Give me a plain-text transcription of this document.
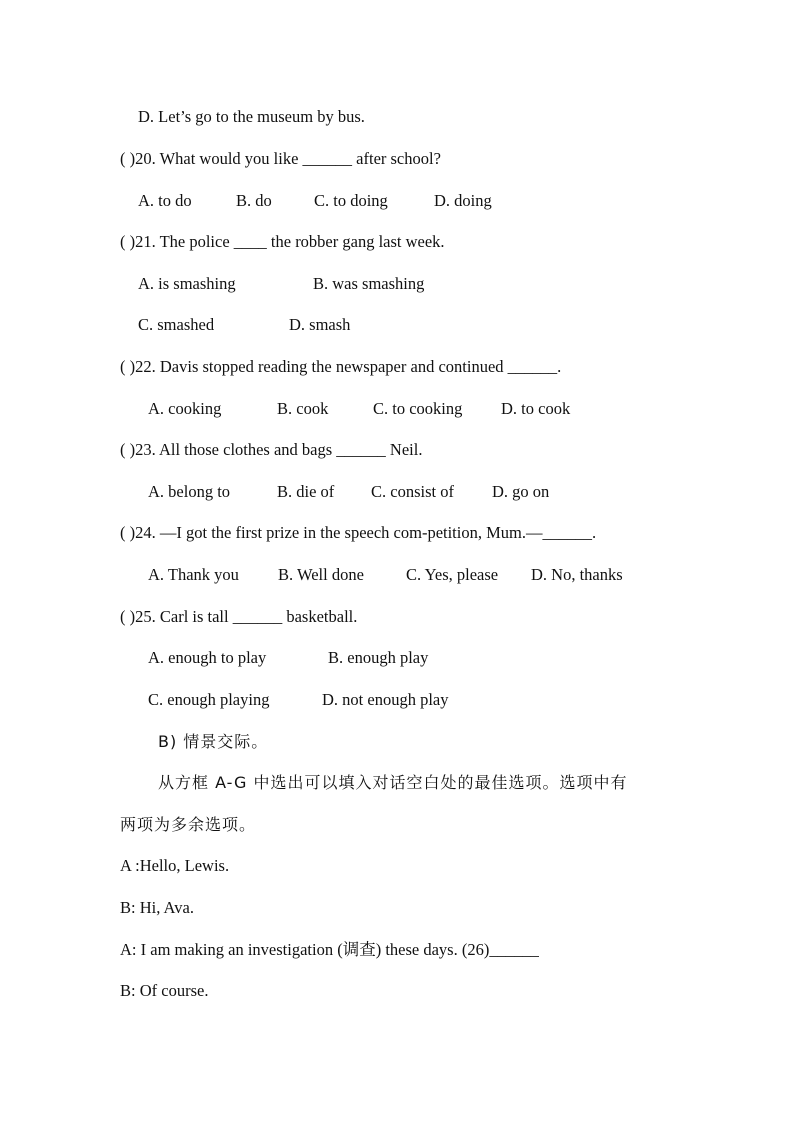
D. Let’s go to the museum by bus.
( )20. What would you like ______ after school?
A. to do	B. do	C. to doing	D. doing
( )21. The police ____ the robber gang last week.
A. is smashing	B. was smashing
C. smashed	D. smash
( )22. Davis stopped reading the newspaper and continued ______.
A. cooking	B. cook	C. to cooking D. to cook
( )23. All those clothes and bags ______ Neil.
A. belong to	B. die of C. consist of D. go on
( )24. —I got the first prize in the speech com-petition, Mum.—______.
A. Thank you B. Well done	C. Yes, please D. No, thanks
( )25. Carl is tall ______ basketball.
A. enough to play	B. enough play
C. enough playing	D. not enough play
B) 情景交际。
从方框 A-G 中选出可以填入对话空白处的最佳选项。选项中有
两项为多余选项。
A :Hello, Lewis.
B: Hi, Ava.
A: I am making an investigation (调查) these days. (26)______
B: Of course.
